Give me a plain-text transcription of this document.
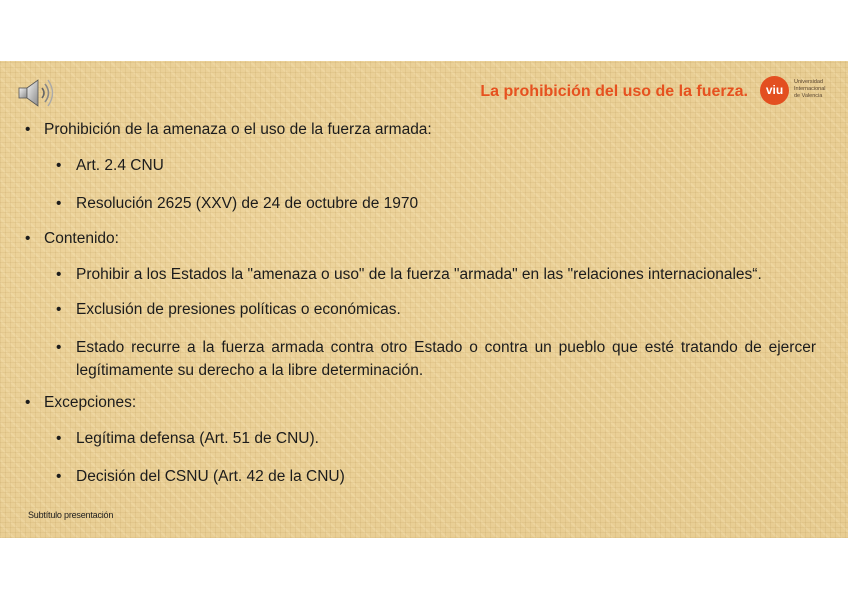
La prohibición del uso de la fuerza.	viu
Universidad
Internacional
de Valencia

• Prohibición de la amenaza o el uso de la fuerza armada:

• Art. 2.4 CNU

• Resolución 2625 (XXV) de 24 de octubre de 1970

• Contenido:

• Prohibir a los Estados la "amenaza o uso" de la fuerza "armada" en las "relaciones internacionales“.

• Exclusión de presiones políticas o económicas.

• Estado recurre a la fuerza armada contra otro Estado o contra un pueblo que esté tratando de ejercer legítimamente su derecho a la libre determinación.

• Excepciones:

• Legítima defensa (Art. 51 de CNU).

• Decisión del CSNU (Art. 42 de la CNU)

Subtítulo presentación
